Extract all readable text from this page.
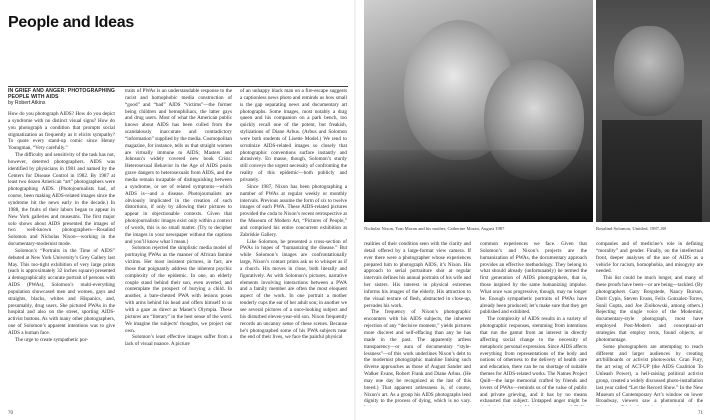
People and Ideas
IN GRIEF AND ANGER: PHOTOGRAPHING PEOPLE WITH AIDS
by Robert Atkins

How do you photograph AIDS? How do you depict a syndrome with no distinct visual signs? How do you photograph a condition that prompts social stigmatization as frequently as it elicits sympathy? To quote every stand-up comic since Henny Youngman, “Very carefully.”

The difficulty and sensitivity of the task has not, however, deterred photographers. AIDS was identified by physicians in 1981 and named by the Centers for Disease Control in 1982. By 1987 at least two dozen American “art” photographers were photographing AIDS. (Photojournalists had, of course, been making AIDS-related images since the syndrome hit the news early in the decade.) In 1988, the fruits of their labors began to appear in New York galleries and museums. The first major solo shows about AIDS presented the images of two well-known photographers—Rosalind Solomon and Nicholas Nixon—working in the documentary-modernist mode.

Solomon’s “Portraits in the Time of AIDS” debuted at New York University’s Grey Gallery last May. This too-tight exhibition of very large prints (each is approximately 32 inches square) presented a demographically accurate portrait of persons with AIDS (PWAs), Solomon’s multi-everything population showcased men and women, gays and straights, blacks, whites and Hispanics, and, presumably, drug users. She pictured PWAs in the hospital and also on the street, sporting AIDS-activist buttons. As with many other photographers, one of Solomon’s apparent intentions was to give AIDS a human face.

The urge to create sympathetic por-

traits of PWAs is an understandable response to the racist and homophobic media construction of “good” and “bad” AIDS “victims”—the former being children and hemophiliacs, the latter gays and drug users. Most of what the American public knows about AIDS has been culled from the scandalously inaccurate and contradictory “information” supplied by the media. Cosmopolitan magazine, for instance, tells us that straight women are virtually immune to AIDS; Masters and Johnson’s widely covered new book Crisis: Heterosexual Behavior in the Age of AIDS posits grave dangers to heterosexuals from AIDS, and the media remain incapable of distinguishing between a syndrome, or set of related symptoms—which AIDS is—and a disease. Photojournalists are obviously implicated in the creation of such distortions, if only by allowing their pictures to appear in objectionable contexts. Given that photojournalistic images exist only within a context of words, this is no small matter. (Try to decipher the images in your newspaper without the captions and you’ll know what I mean.)

Solomon rejected the simplistic media model of portraying PWAs as the manner of African famine victims. Her most insistent pictures, in fact, are those that poignantly address the inherent psychic complexity of the epidemic. In one, an elderly couple stand behind their son, even averted, and contemplate the prospect of burying a child. In another, a bare-chested PWA with lesions poses with arms behind his head and offers himself to us with a gaze as direct as Manet’s Olympia. These pictures are “literary” in the best sense of the word. We imagine the subjects’ thoughts, we project our own.

Solomon’s least effective images suffer from a lack of visual nuance. A picture

of an unhappy black man on a fire-escape suggests a captionless news photo and reminds us how small is the gap separating news and documentary art photographs. Some images, most notably a drag queen and his companion on a park bench, too quickly recall one of the potent, but freakish, stylizations of Diane Arbus. (Arbus and Solomon were both students of Lisette Model.) We tend to scrutinize AIDS-related images so closely that photographic conventions surface instantly and abrasively. En masse, though, Solomon’s sturdy still conveys the urgent necessity of confronting the reality of this epidemic—both publicly and privately.

Since 1987, Nixon has been photographing a number of PWAs at regular weekly or monthly intervals. Previous assume the form of six to twelve images of each PWA. These AIDS-related pictures provided the coda to Nixon’s recent retrospective at the Museum of Modern Art, “Pictures of People,” and comprised his entire concurrent exhibition at Zabriskie Gallery.

Like Solomon, he presented a cross-section of PWAs in hopes of “humanizing the disease.” But while Solomon’s images are confrontationally large, Nixon’s contact prints ask us to whisper as if a church. His moves in close, both literally and figuratively. As with Solomon’s pictures, narrative elements involving interactions between a PWA and a family member are often the most eloquent aspect of the work. In one portrait a mother tenderly cups the ear of her adult son; in another we see several pictures of a once-looking subject and his disturbed eleven-year-old son. Nixon frequently records an uncanny sense of these scenes. Because he’s photographed some of his PWA subjects near the end of their lives, we face the painful physical

Nicholas Nixon, Tom Moran and his mother, Catherine Moran, August 1987	Rosalind Solomon, Untitled, 1987–88

realities of their condition seen with the clarity and detail offered by a large-format view camera. If ever there were a photographer whose experiences prepared him to photograph AIDS, it’s Nixon. His approach to serial portraiture shot at regular intervals defines his annual portraits of his wife and her sisters. His interest in physical extremes informs his images of the elderly. His attraction to the visual texture of flesh, abstracted in close-up, pervades his work.

The frequency of Nixon’s photographic encounters with his AIDS subjects, the inherent rejection of any “decisive moment,” yields pictures more discreet and self-effacing than any he has made in the past. The apparently artless transparency—or aura of documentary “style-lessness”—of this work underlines Nixon’s debt to the modernist photographic mainline linking such diverse approaches as those of August Sander and Walker Evans, Robert Frank and Diane Arbus. (He may one day be recognized as the last of this breed.) That apparent artlessness is, of course, Nixon’s art. As a group his AIDS photographs lend dignity to the process of dying, which is no vary.

common experiences we face. Given that Solomon’s and Nixon’s projects are the humanization of PWAs, the documentary approach provides an effective methodology. They belong to what should already (unfortunately) be termed the first generation of AIDS photographers, that is, those inspired by the same humanizing impulse. What once was progressive, though, may no longer be. Enough sympathetic portraits of PWAs have already been produced; let’s make sure that they get published and exhibited.

The complexity of AIDS results in a variety of photographic responses, stemming from intentions that run the gamut from an interest in directly affecting social change to the necessity of metaphoric personal expression. Since AIDS affects everything from representations of the body and notions of otherness to the delivery of health care and education, there can be no shortage of suitable themes for AIDS-related works. The Names Project Quilt—the large memorial crafted by friends and lovers of PWAs—reminds us of the value of public and private grieving, and it has by no means exhausted that subject. Untapped anger might be

companies and of medicine’s role in defining “morality” and gender. Finally, on the intellectual front, deeper analyses of the use of AIDS as a vehicle for racism, homophobia, and misogyny are needed.

This list could be much longer, and many of these proofs have been—or are being—tackled. (By photographers Gary Borgstede, Nancy Burson, Dorit Cypis, Steven Evans, Felix Gonzalez-Torres, Sunil Gupta, and Joe Ziolkowski, among others.) Rejecting the single voice of the Modernist, documentary-style photograph, most have employed Post-Modern and conceptual-art strategies that employ texts, found objects, or photomontage.

Some photographers are attempting to reach different and larger audiences by creating art/billboards or activist photoworks. Gran Fury, the art wing of ACT-UP (the AIDS Coalition To Unleash Power), a hell-raising political activist group, created a widely discussed photo-installation last year called “Let the Record Show.” In the New Museum of Contemporary Art’s window on lower Broadway, viewers saw a photomural of the

70	71
